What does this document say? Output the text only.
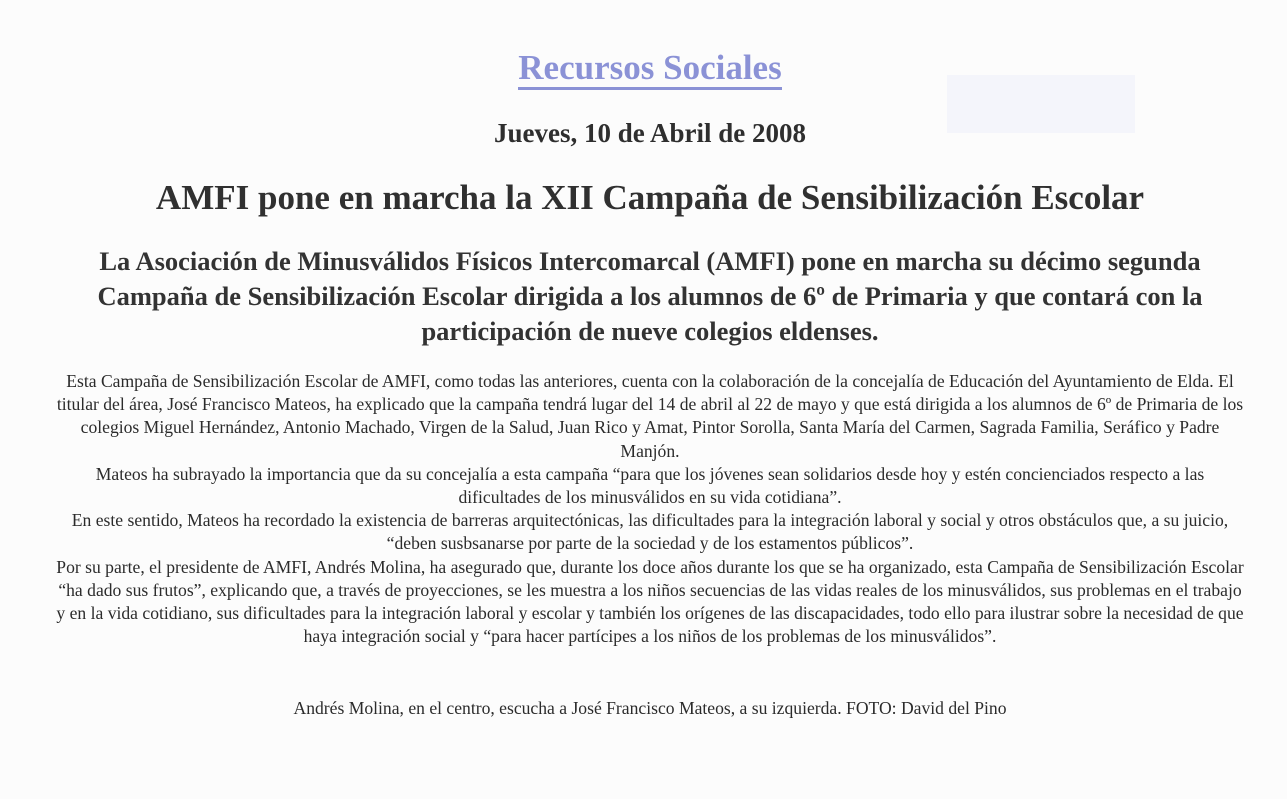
Recursos Sociales
Jueves, 10 de Abril de 2008
AMFI pone en marcha la XII Campaña de Sensibilización Escolar
La Asociación de Minusválidos Físicos Intercomarcal (AMFI) pone en marcha su décimo segunda Campaña de Sensibilización Escolar dirigida a los alumnos de 6º de Primaria y que contará con la participación de nueve colegios eldenses.

Esta Campaña de Sensibilización Escolar de AMFI, como todas las anteriores, cuenta con la colaboración de la concejalía de Educación del Ayuntamiento de Elda. El titular del área, José Francisco Mateos, ha explicado que la campaña tendrá lugar del 14 de abril al 22 de mayo y que está dirigida a los alumnos de 6º de Primaria de los colegios Miguel Hernández, Antonio Machado, Virgen de la Salud, Juan Rico y Amat, Pintor Sorolla, Santa María del Carmen, Sagrada Familia, Seráfico y Padre Manjón.

Mateos ha subrayado la importancia que da su concejalía a esta campaña “para que los jóvenes sean solidarios desde hoy y estén concienciados respecto a las dificultades de los minusválidos en su vida cotidiana”.

En este sentido, Mateos ha recordado la existencia de barreras arquitectónicas, las dificultades para la integración laboral y social y otros obstáculos que, a su juicio, “deben susbsanarse por parte de la sociedad y de los estamentos públicos”.

Por su parte, el presidente de AMFI, Andrés Molina, ha asegurado que, durante los doce años durante los que se ha organizado, esta Campaña de Sensibilización Escolar “ha dado sus frutos”, explicando que, a través de proyecciones, se les muestra a los niños secuencias de las vidas reales de los minusválidos, sus problemas en el trabajo y en la vida cotidiano, sus dificultades para la integración laboral y escolar y también los orígenes de las discapacidades, todo ello para ilustrar sobre la necesidad de que haya integración social y “para hacer partícipes a los niños de los problemas de los minusválidos”.

Andrés Molina, en el centro, escucha a José Francisco Mateos, a su izquierda. FOTO: David del Pino
